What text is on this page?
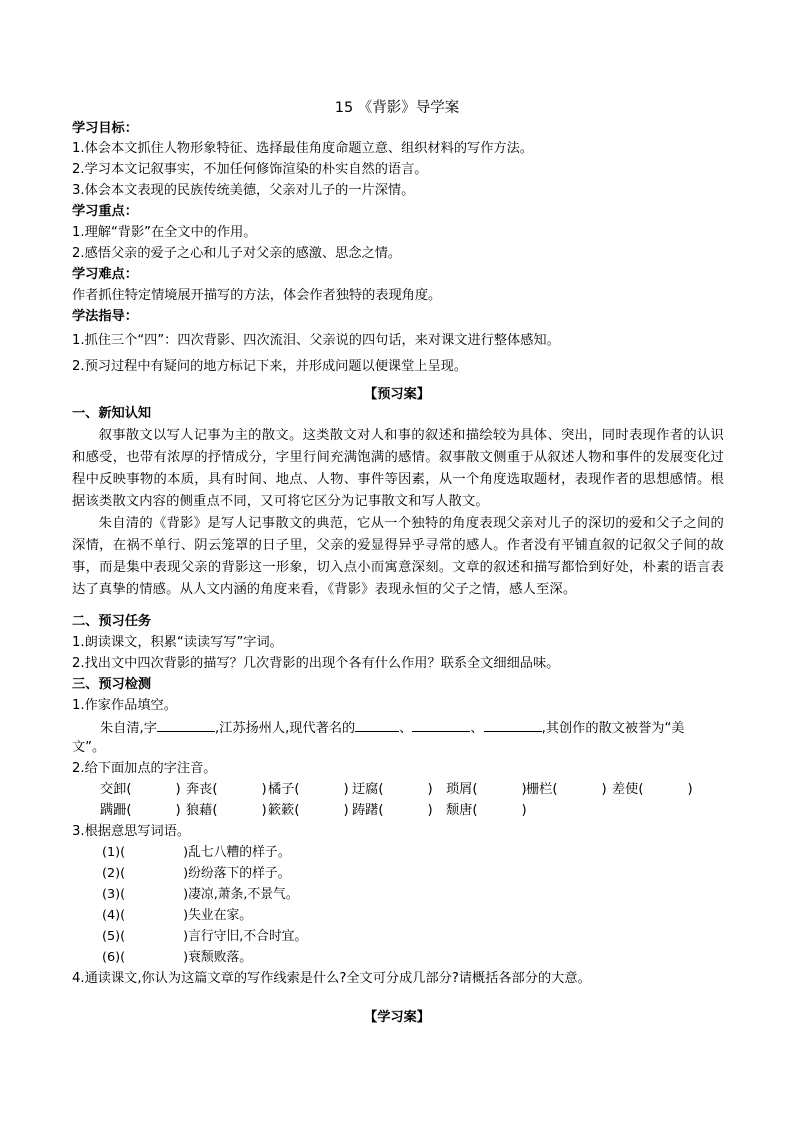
15 《背影》导学案
学习目标：
1.体会本文抓住人物形象特征、选择最佳角度命题立意、组织材料的写作方法。
2.学习本文记叙事实，不加任何修饰渲染的朴实自然的语言。
3.体会本文表现的民族传统美德，父亲对儿子的一片深情。
学习重点：
1.理解“背影”在全文中的作用。
2.感悟父亲的爱子之心和儿子对父亲的感激、思念之情。
学习难点：
作者抓住特定情境展开描写的方法，体会作者独特的表现角度。
学法指导：
1.抓住三个“四”：四次背影、四次流泪、父亲说的四句话，来对课文进行整体感知。
2.预习过程中有疑问的地方标记下来，并形成问题以便课堂上呈现。
【预习案】
一、新知认知
叙事散文以写人记事为主的散文。这类散文对人和事的叙述和描绘较为具体、突出，同时表现作者的认识和感受，也带有浓厚的抒情成分，字里行间充满饱满的感情。叙事散文侧重于从叙述人物和事件的发展变化过程中反映事物的本质，具有时间、地点、人物、事件等因素，从一个角度选取题材，表现作者的思想感情。根据该类散文内容的侧重点不同，又可将它区分为记事散文和写人散文。
朱自清的《背影》是写人记事散文的典范，它从一个独特的角度表现父亲对儿子的深切的爱和父子之间的深情，在祸不单行、阴云笼罩的日子里，父亲的爱显得异乎寻常的感人。作者没有平铺直叙的记叙父子间的故事，而是集中表现父亲的背影这一形象，切入点小而寓意深刻。文章的叙述和描写都恰到好处，朴素的语言表达了真挚的情感。从人文内涵的角度来看，《背影》表现永恒的父子之情，感人至深。
二、预习任务
1.朗读课文，积累“读读写写”字词。
2.找出文中四次背影的描写？几次背影的出现个各有什么作用？联系全文细细品味。
三、预习检测
1.作家作品填空。
朱自清,字	,江苏扬州人,现代著名的	、	、	,其创作的散文被誉为“美
文”。
2.给下面加点的字注音。
交卸(	) 奔丧(	) 橘子(	) 迂腐(	) 琐屑(	) 栅栏(	) 差使(	)
蹒跚(	) 狼藉(	) 簌簌(	) 踌躇(	) 颓唐(	)
3.根据意思写词语。
(1)(	)乱七八糟的样子。
(2)(	)纷纷落下的样子。
(3)(	)凄凉,萧条,不景气。
(4)(	)失业在家。
(5)(	)言行守旧,不合时宜。
(6)(	)衰颓败落。
4.通读课文,你认为这篇文章的写作线索是什么?全文可分成几部分?请概括各部分的大意。
【学习案】
